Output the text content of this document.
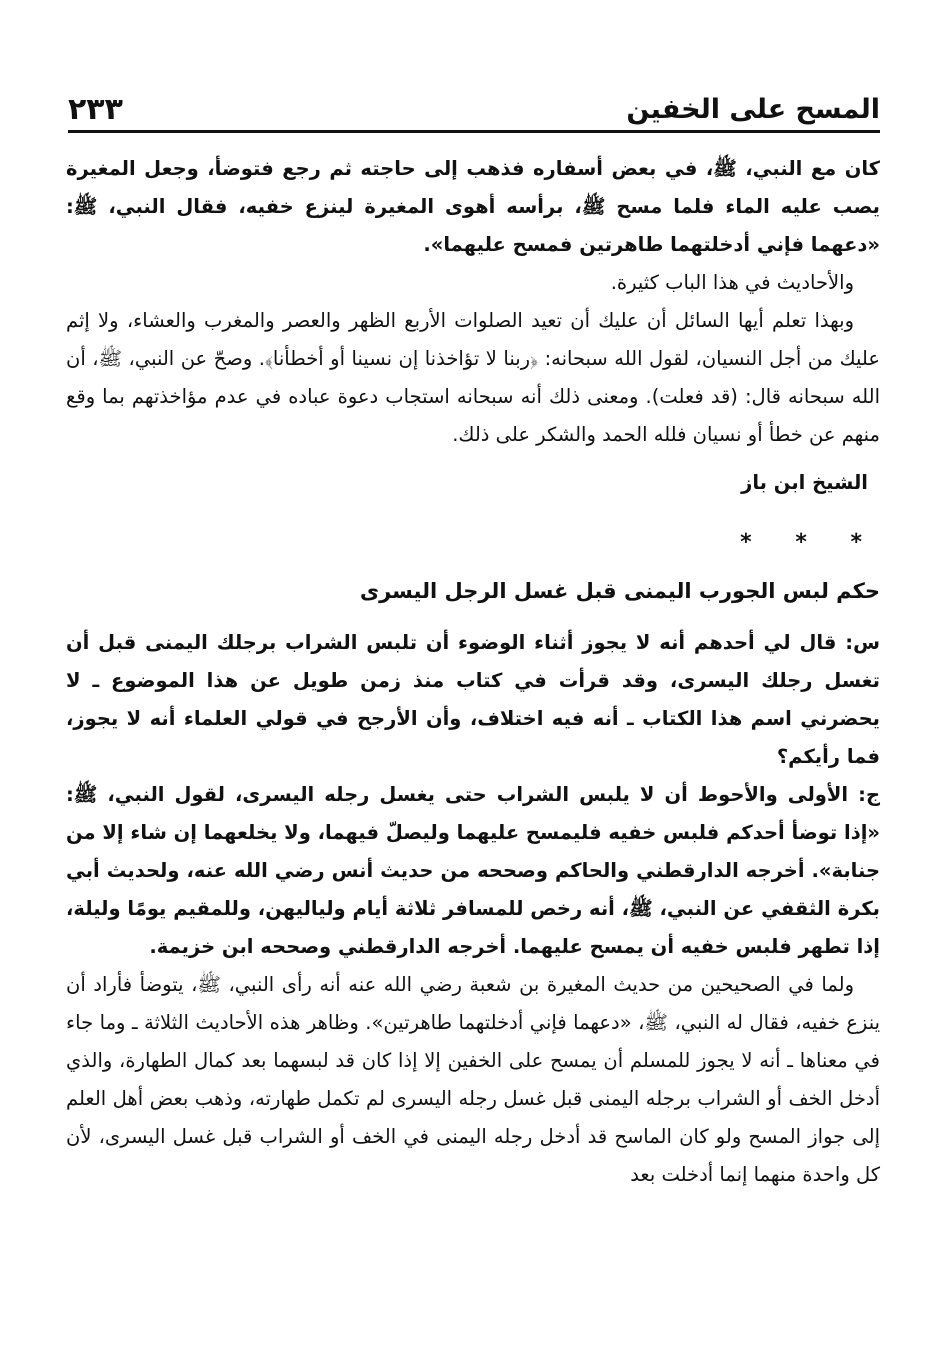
المسح على الخفين
٢٣٣

كان مع النبي، ﷺ، في بعض أسفاره فذهب إلى حاجته ثم رجع فتوضأ، وجعل المغيرة يصب عليه الماء فلما مسح ﷺ، برأسه أهوى المغيرة لينزع خفيه، فقال النبي، ﷺ: «دعهما فإني أدخلتهما طاهرتين فمسح عليهما».

والأحاديث في هذا الباب كثيرة.

وبهذا تعلم أيها السائل أن عليك أن تعيد الصلوات الأربع الظهر والعصر والمغرب والعشاء، ولا إثم عليك من أجل النسيان، لقول الله سبحانه: ﴿ربنا لا تؤاخذنا إن نسينا أو أخطأنا﴾. وصحّ عن النبي، ﷺ، أن الله سبحانه قال: (قد فعلت). ومعنى ذلك أنه سبحانه استجاب دعوة عباده في عدم مؤاخذتهم بما وقع منهم عن خطأ أو نسيان فلله الحمد والشكر على ذلك.

الشيخ ابن باز

* * *
حكم لبس الجورب اليمنى قبل غسل الرجل اليسرى

س: قال لي أحدهم أنه لا يجوز أثناء الوضوء أن تلبس الشراب برجلك اليمنى قبل أن تغسل رجلك اليسرى، وقد قرأت في كتاب منذ زمن طويل عن هذا الموضوع ـ لا يحضرني اسم هذا الكتاب ـ أنه فيه اختلاف، وأن الأرجح في قولي العلماء أنه لا يجوز، فما رأيكم؟

ج: الأولى والأحوط أن لا يلبس الشراب حتى يغسل رجله اليسرى، لقول النبي، ﷺ: «إذا توضأ أحدكم فلبس خفيه فليمسح عليهما وليصلّ فيهما، ولا يخلعهما إن شاء إلا من جنابة». أخرجه الدارقطني والحاكم وصححه من حديث أنس رضي الله عنه، ولحديث أبي بكرة الثقفي عن النبي، ﷺ، أنه رخص للمسافر ثلاثة أيام ولياليهن، وللمقيم يومًا وليلة، إذا تطهر فلبس خفيه أن يمسح عليهما. أخرجه الدارقطني وصححه ابن خزيمة.

ولما في الصحيحين من حديث المغيرة بن شعبة رضي الله عنه أنه رأى النبي، ﷺ، يتوضأ فأراد أن ينزع خفيه، فقال له النبي، ﷺ، «دعهما فإني أدخلتهما طاهرتين». وظاهر هذه الأحاديث الثلاثة ـ وما جاء في معناها ـ أنه لا يجوز للمسلم أن يمسح على الخفين إلا إذا كان قد لبسهما بعد كمال الطهارة، والذي أدخل الخف أو الشراب برجله اليمنى قبل غسل رجله اليسرى لم تكمل طهارته، وذهب بعض أهل العلم إلى جواز المسح ولو كان الماسح قد أدخل رجله اليمنى في الخف أو الشراب قبل غسل اليسرى، لأن كل واحدة منهما إنما أدخلت بعد
